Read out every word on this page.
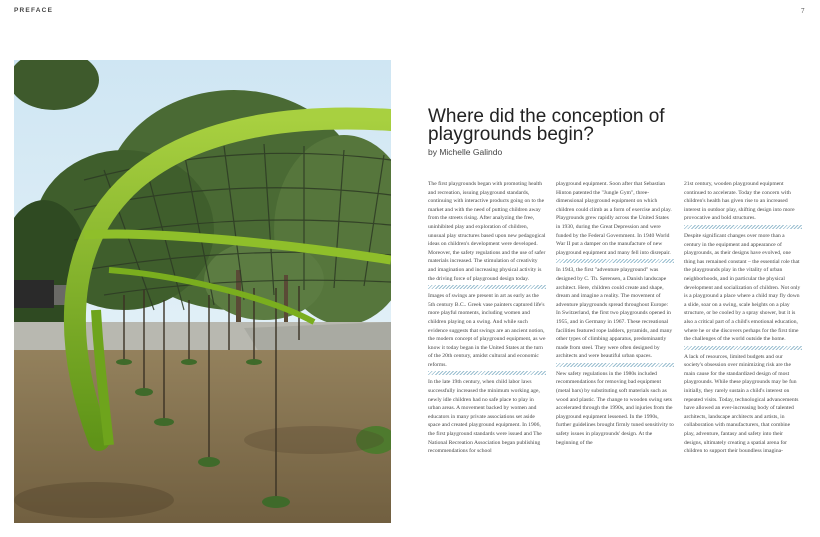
PREFACE	7
Where did the conception of
playgrounds begin?
by Michelle Galindo

The first playgrounds began with promoting health and recreation, issuing playground standards, continuing with interactive products going on to the market and with the need of putting children away from the streets rising. After analyzing the free, uninhibited play and exploration of children, unusual play structures based upon new pedagogical ideas on children's development were developed. Moreover, the safety regulations and the use of safer materials increased. The stimulation of creativity and imagination and increasing physical activity is the driving force of playground design today.

Images of swings are present in art as early as the 5th century B.C.. Greek vase painters captured life's more playful moments, including women and children playing on a swing. And while such evidence suggests that swings are an ancient notion, the modern concept of playground equipment, as we know it today began in the United States at the turn of the 20th century, amidst cultural and economic reforms.

In the late 19th century, when child labor laws successfully increased the minimum working age, newly idle children had no safe place to play in urban areas. A movement backed by women and educators in many private associations set aside space and created playground equipment. In 1906, the first playground standards were issued and The National Recreation Association began publishing recommendations for school

playground equipment. Soon after that Sebastian Hinton patented the "Jungle Gym", three-dimensional playground equipment on which children could climb as a form of exercise and play. Playgrounds grew rapidly across the United States in 1930, during the Great Depression and were funded by the Federal Government. In 1940 World War II put a damper on the manufacture of new playground equipment and many fell into disrepair.

In 1943, the first "adventure playground" was designed by C. Th. Sørensen, a Danish landscape architect. Here, children could create and shape, dream and imagine a reality. The movement of adventure playgrounds spread throughout Europe: In Switzerland, the first two playgrounds opened in 1955, and in Germany in 1967. These recreational facilities featured rope ladders, pyramids, and many other types of climbing apparatus, predominantly made from steel. They were often designed by architects and were beautiful urban spaces.

New safety regulations in the 1980s included recommendations for removing bad equipment (metal bars) by substituting soft materials such as wood and plastic. The change to wooden swing sets accelerated through the 1990s, and injuries from the playground equipment lessened. In the 1990s, further guidelines brought firmly tuned sensitivity to safety issues in playgrounds' design. At the beginning of the

21st century, wooden playground equipment continued to accelerate. Today the concern with children's health has given rise to an increased interest in outdoor play, shifting design into more provocative and bold structures.

Despite significant changes over more than a century in the equipment and appearance of playgrounds, as their designs have evolved, one thing has remained constant – the essential role that the playgrounds play in the vitality of urban neighborhoods, and in particular the physical development and socialization of children. Not only is a playground a place where a child may fly down a slide, soar on a swing, scale heights on a play structure, or be cooled by a spray shower, but it is also a critical part of a child's emotional education, where he or she discovers perhaps for the first time the challenges of the world outside the home.

A lack of resources, limited budgets and our society's obsession over minimizing risk are the main cause for the standardized design of most playgrounds. While these playgrounds may be fun initially, they rarely sustain a child's interest on repeated visits. Today, technological advancements have allowed an ever-increasing body of talented architects, landscape architects and artists, in collaboration with manufacturers, that combine play, adventure, fantasy and safety into their designs, ultimately creating a spatial arena for children to support their boundless imagina-
